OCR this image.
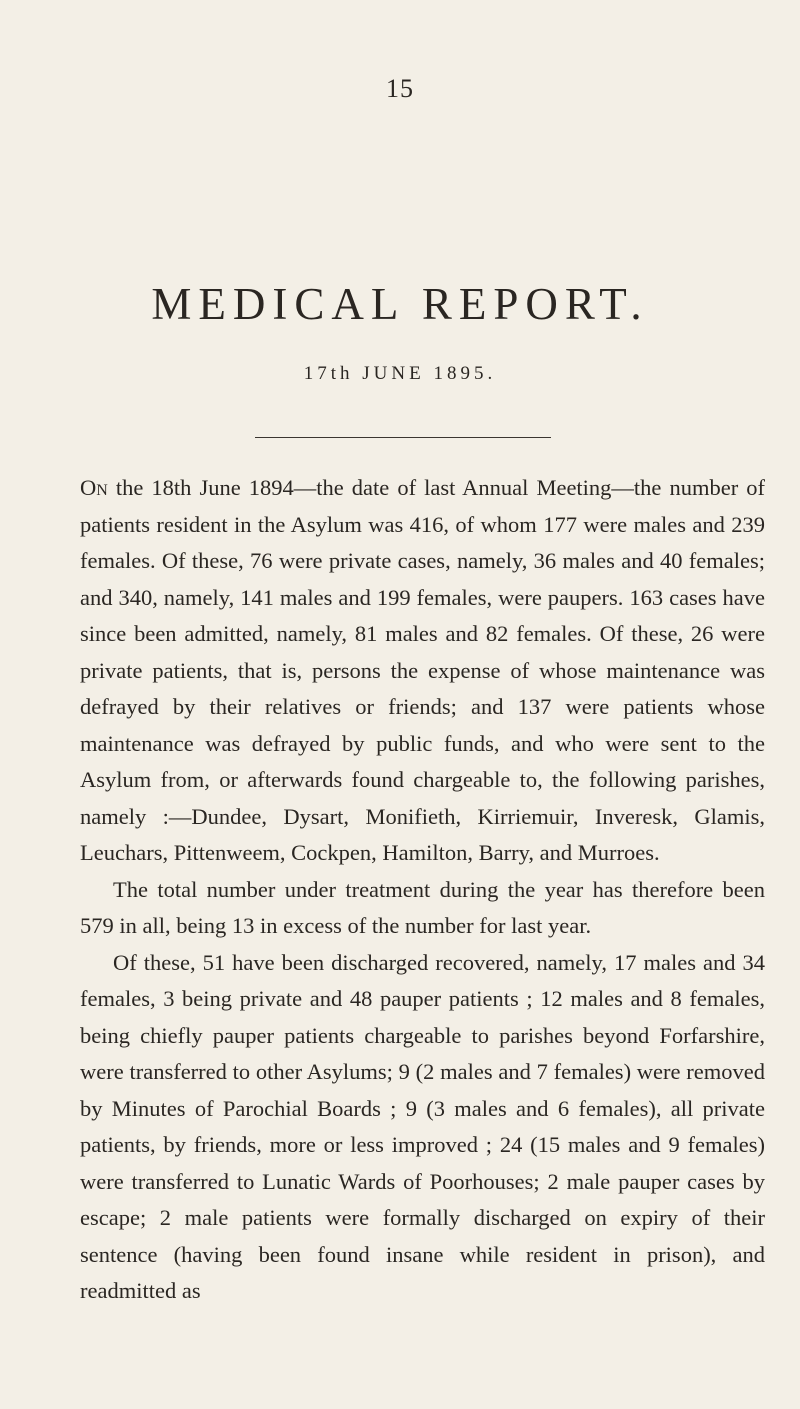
15
MEDICAL REPORT.
17th JUNE 1895.

On the 18th June 1894—the date of last Annual Meeting—the number of patients resident in the Asylum was 416, of whom 177 were males and 239 females. Of these, 76 were private cases, namely, 36 males and 40 females; and 340, namely, 141 males and 199 females, were paupers. 163 cases have since been admitted, namely, 81 males and 82 females. Of these, 26 were private patients, that is, persons the expense of whose maintenance was defrayed by their relatives or friends; and 137 were patients whose maintenance was defrayed by public funds, and who were sent to the Asylum from, or afterwards found chargeable to, the following parishes, namely :—Dundee, Dysart, Monifieth, Kirriemuir, Inveresk, Glamis, Leuchars, Pittenweem, Cockpen, Hamilton, Barry, and Murroes.

The total number under treatment during the year has therefore been 579 in all, being 13 in excess of the number for last year.

Of these, 51 have been discharged recovered, namely, 17 males and 34 females, 3 being private and 48 pauper patients ; 12 males and 8 females, being chiefly pauper patients chargeable to parishes beyond Forfarshire, were transferred to other Asylums; 9 (2 males and 7 females) were removed by Minutes of Parochial Boards ; 9 (3 males and 6 females), all private patients, by friends, more or less improved ; 24 (15 males and 9 females) were transferred to Lunatic Wards of Poorhouses; 2 male pauper cases by escape; 2 male patients were formally discharged on expiry of their sentence (having been found insane while resident in prison), and readmitted as
